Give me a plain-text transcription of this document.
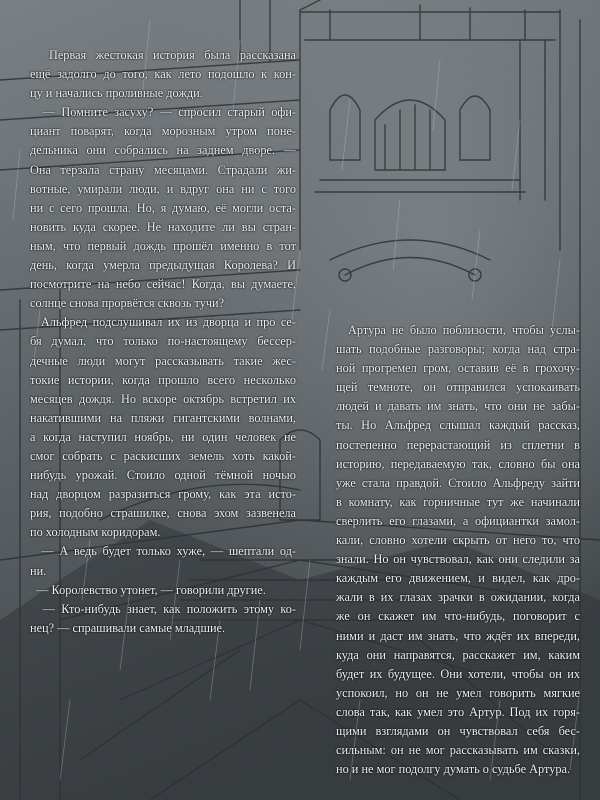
Первая жестокая история была рассказана
ещё задолго до того, как лето подошло к кон-
цу и начались проливные дожди.
— Помните засуху? — спросил старый офи-
циант поварят, когда морозным утром поне-
дельника они собрались на заднем дворе. —
Она терзала страну месяцами. Страдали жи-
вотные, умирали люди, и вдруг она ни с того
ни с сего прошла. Но, я думаю, её могли оста-
новить куда скорее. Не находите ли вы стран-
ным, что первый дождь прошёл именно в тот
день, когда умерла предыдущая Королева? И
посмотрите на небо сейчас! Когда, вы думаете,
солнце снова прорвётся сквозь тучи?
Альфред подслушивал их из дворца и про се-
бя думал, что только по-настоящему бессер-
дечные люди могут рассказывать такие жес-
токие истории, когда прошло всего несколько
месяцев дождя. Но вскоре октябрь встретил их
накатившими на пляжи гигантскими волнами,
а когда наступил ноябрь, ни один человек не
смог собрать с раскисших земель хоть какой-
нибудь урожай. Стоило одной тёмной ночью
над дворцом разразиться грому, как эта исто-
рия, подобно страшилке, снова эхом зазвенела
по холодным коридорам.
— А ведь будет только хуже, — шептали од-
ни.
— Королевство утонет, — говорили другие.
— Кто-нибудь знает, как положить этому ко-
нец? — спрашивали самые младшие.
Артура не было поблизости, чтобы услы-
шать подобные разговоры; когда над стра-
ной прогремел гром, оставив её в грохочу-
щей темноте, он отправился успокаивать
людей и давать им знать, что они не забы-
ты. Но Альфред слышал каждый рассказ,
постепенно перерастающий из сплетни в
историю, передаваемую так, словно бы она
уже стала правдой. Стоило Альфреду зайти
в комнату, как горничные тут же начинали
сверлить его глазами, а официантки замол-
кали, словно хотели скрыть от него то, что
знали. Но он чувствовал, как они следили за
каждым его движением, и видел, как дро-
жали в их глазах зрачки в ожидании, когда
же он скажет им что-нибудь, поговорит с
ними и даст им знать, что ждёт их впереди,
куда они направятся, расскажет им, каким
будет их будущее. Они хотели, чтобы он их
успокоил, но он не умел говорить мягкие
слова так, как умел это Артур. Под их горя-
щими взглядами он чувствовал себя бес-
сильным: он не мог рассказывать им сказки,
но и не мог подолгу думать о судьбе Артура.
